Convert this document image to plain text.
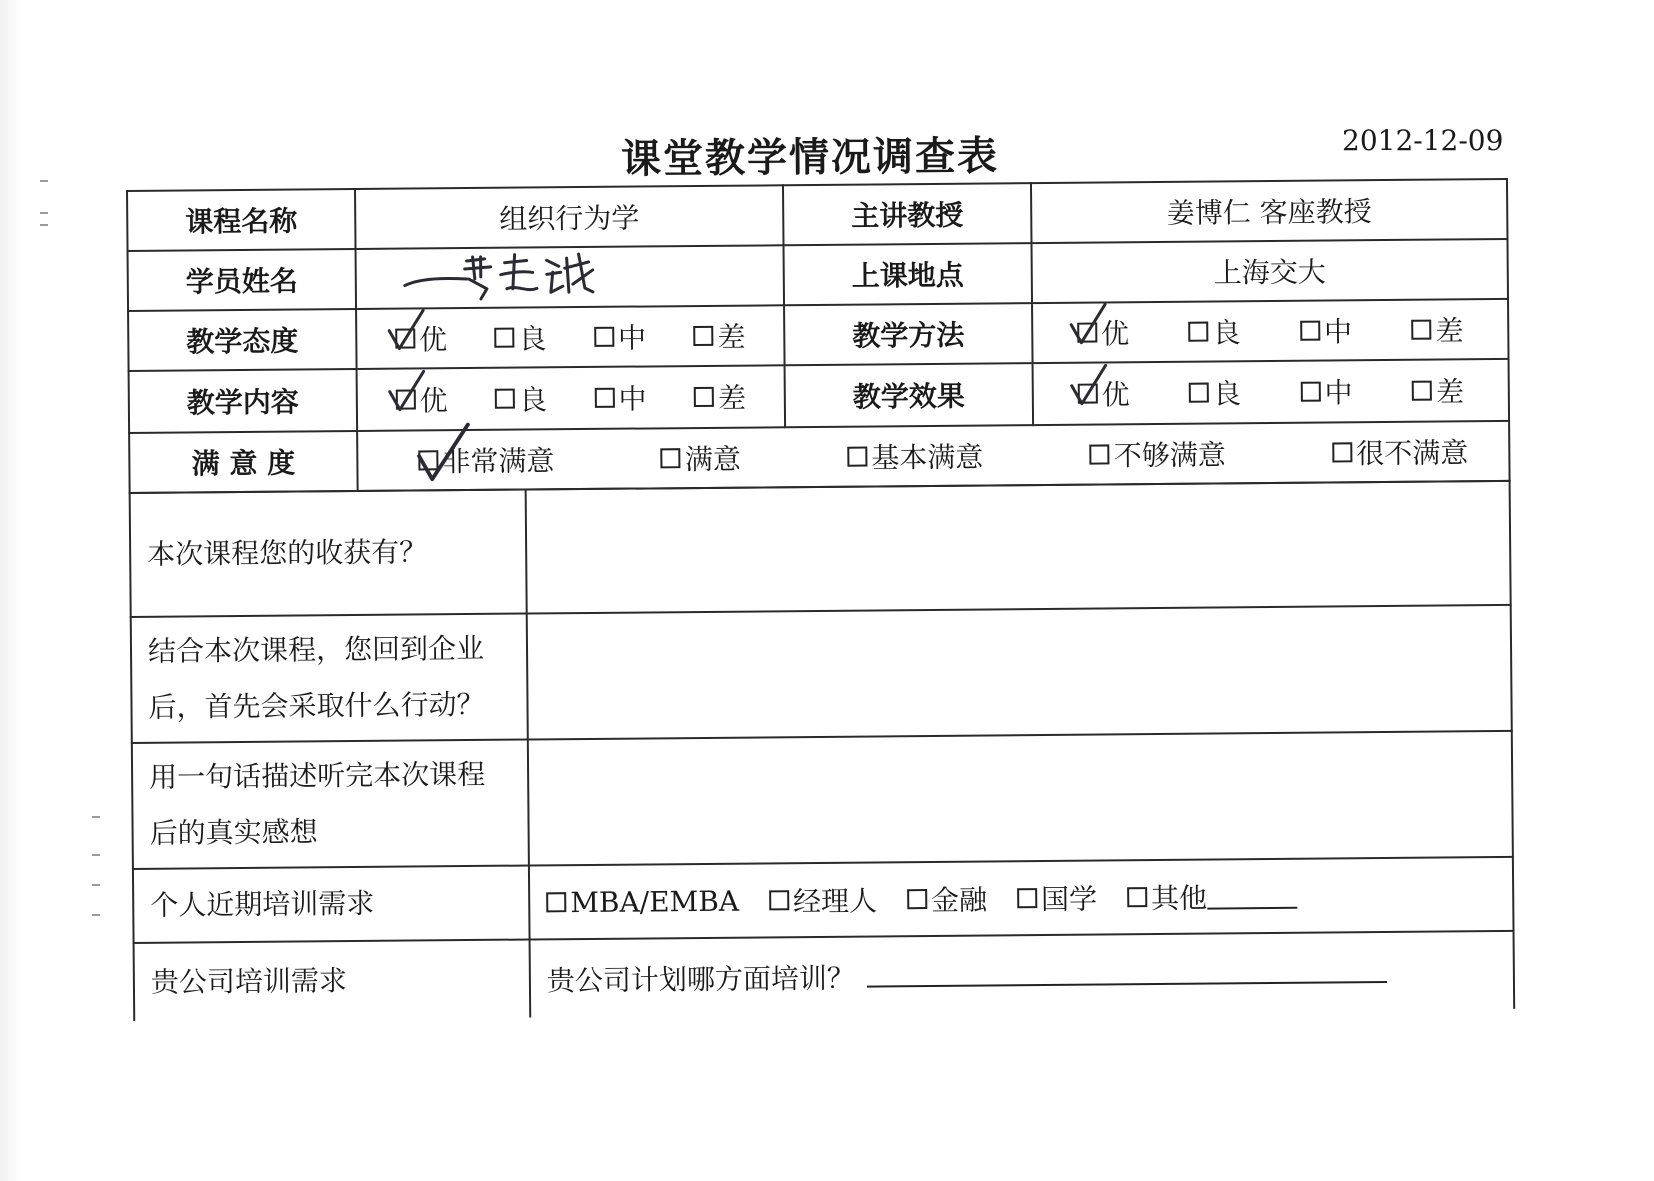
课堂教学情况调查表	2012-12-09
课程名称	组织行为学	主讲教授	姜博仁 客座教授
学员姓名		上课地点	上海交大
教学态度	优 良 中 差	教学方法	优 良 中 差

教学内容	优 良 中 差	教学效果	优 良 中 差

满 意 度	非常满意 满意 基本满意 不够满意 很不满意		
本次课程您的收获有？	

结合本次课程，您回到企业
后，首先会采取什么行动？	

用一句话描述听完本次课程
后的真实感想	

个人近期培训需求	MBA/EMBA 经理人 金融 国学 其他

贵公司培训需求	贵公司计划哪方面培训？
